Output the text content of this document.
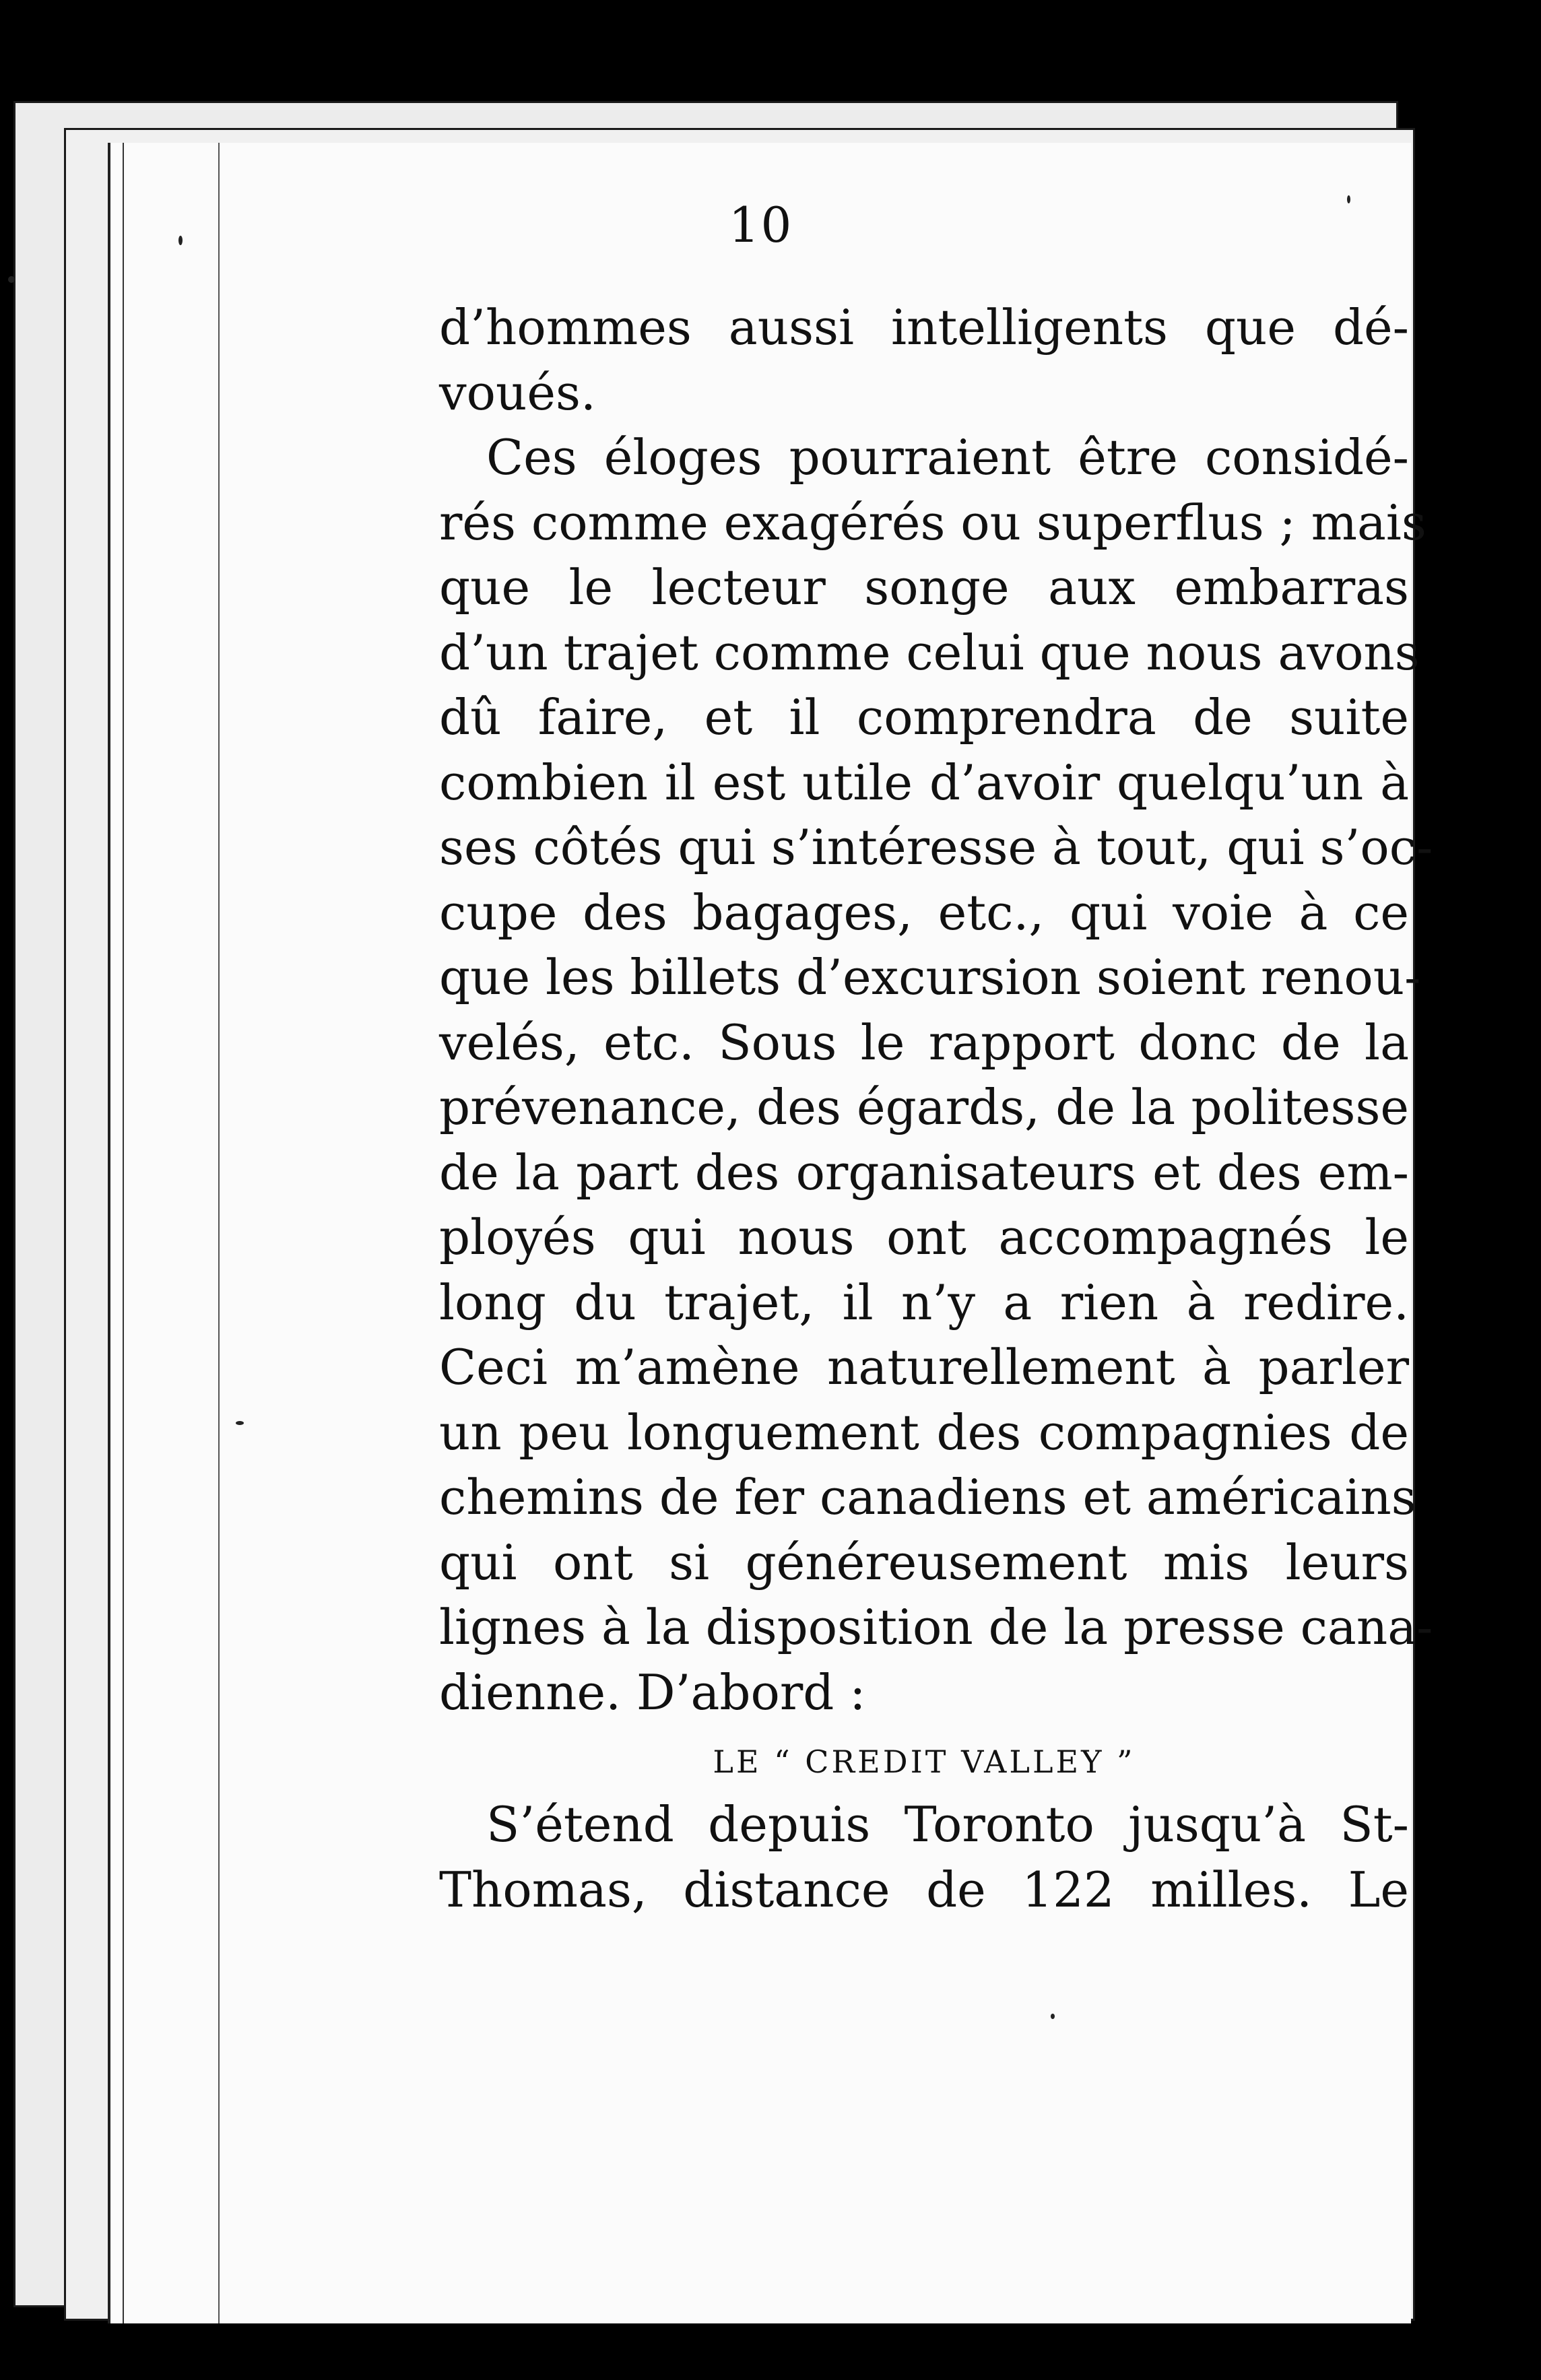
10
d’hommes aussi intelligents que dé-
voués.
Ces éloges pourraient être considé-
rés comme exagérés ou superflus ; mais
que le lecteur songe aux embarras
d’un trajet comme celui que nous avons
dû faire, et il comprendra de suite
combien il est utile d’avoir quelqu’un à
ses côtés qui s’intéresse à tout, qui s’oc-
cupe des bagages, etc., qui voie à ce
que les billets d’excursion soient renou-
velés, etc. Sous le rapport donc de la
prévenance, des égards, de la politesse
de la part des organisateurs et des em-
ployés qui nous ont accompagnés le
long du trajet, il n’y a rien à redire.
Ceci m’amène naturellement à parler
un peu longuement des compagnies de
chemins de fer canadiens et américains
qui ont si généreusement mis leurs
lignes à la disposition de la presse cana-
dienne. D’abord :
LE “ CREDIT VALLEY ”
S’étend depuis Toronto jusqu’à St-
Thomas, distance de 122 milles. Le
